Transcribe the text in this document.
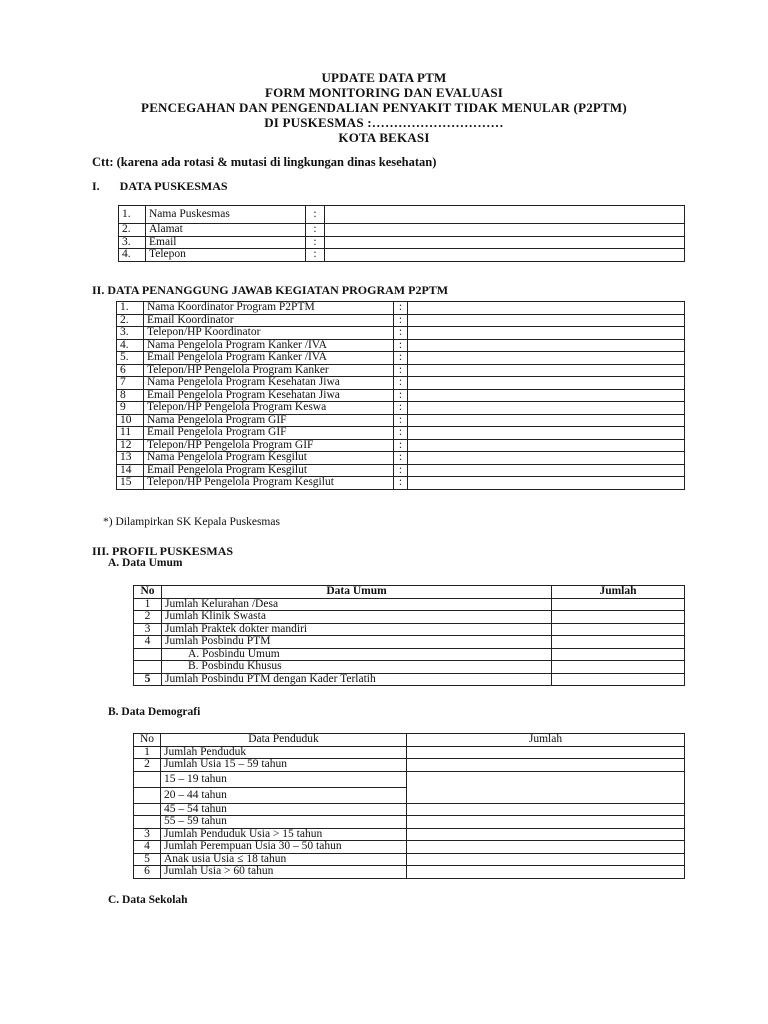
UPDATE DATA PTM
FORM MONITORING DAN EVALUASI
PENCEGAHAN DAN PENGENDALIAN PENYAKIT TIDAK MENULAR (P2PTM)
DI PUSKESMAS :…………………………
KOTA BEKASI
Ctt: (karena ada rotasi & mutasi di lingkungan dinas kesehatan)
I. DATA PUSKESMAS
1.	Nama Puskesmas	:	
2.	Alamat	:	
3.	Email	:	
4.	Telepon	:	
II. DATA PENANGGUNG JAWAB KEGIATAN PROGRAM P2PTM
1.	Nama Koordinator Program P2PTM	:	
2.	Email Koordinator	:	
3.	Telepon/HP Koordinator	:	
4.	Nama Pengelola Program Kanker /IVA	:	
5.	Email Pengelola Program Kanker /IVA	:	
6	Telepon/HP Pengelola Program Kanker	:	
7	Nama Pengelola Program Kesehatan Jiwa	:	
8	Email Pengelola Program Kesehatan Jiwa	:	
9	Telepon/HP Pengelola Program Keswa	:	
10	Nama Pengelola Program GIF	:	
11	Email Pengelola Program GIF	:	
12	Telepon/HP Pengelola Program GIF	:	
13	Nama Pengelola Program Kesgilut	:	
14	Email Pengelola Program Kesgilut	:	
15	Telepon/HP Pengelola Program Kesgilut	:	
*) Dilampirkan SK Kepala Puskesmas
III. PROFIL PUSKESMAS
A. Data Umum
No	Data Umum	Jumlah
1	Jumlah Kelurahan /Desa	
2	Jumlah Klinik Swasta	
3	Jumlah Praktek dokter mandiri	
4	Jumlah Posbindu PTM	
	A. Posbindu Umum	
	B. Posbindu Khusus	
5	Jumlah Posbindu PTM dengan Kader Terlatih	
B. Data Demografi
No	Data Penduduk	Jumlah
1	Jumlah Penduduk	
2	Jumlah Usia 15 – 59 tahun	
	15 – 19 tahun	
	20 – 44 tahun	
	45 – 54 tahun	
	55 – 59 tahun	
3	Jumlah Penduduk Usia > 15 tahun	
4	Jumlah Perempuan Usia 30 – 50 tahun	
5	Anak usia Usia ≤ 18 tahun	
6	Jumlah Usia > 60 tahun	
C. Data Sekolah
